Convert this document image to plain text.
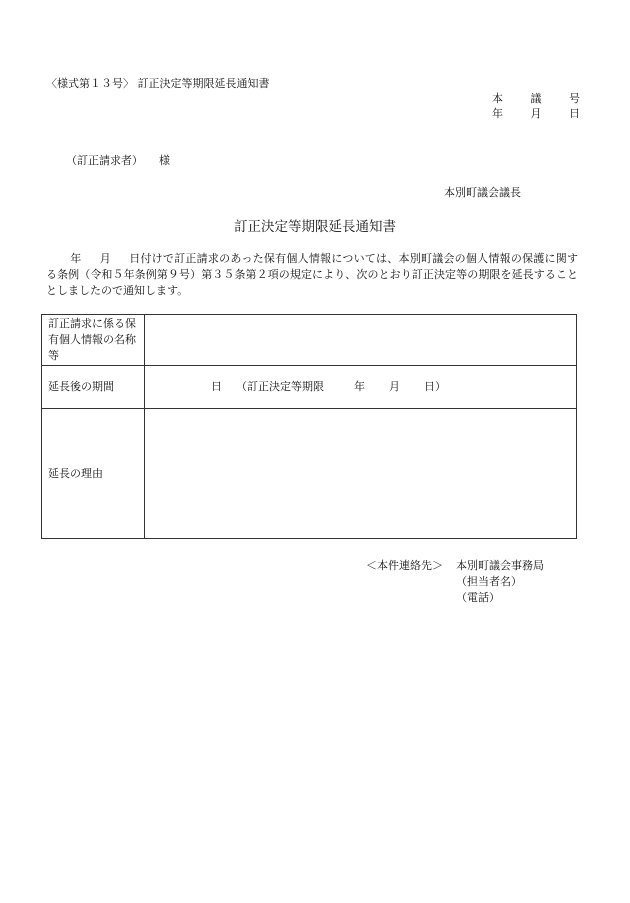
〈様式第１３号〉 訂正決定等期限延長通知書
本	議	号
年	月	日
（訂正請求者） 様
本別町議会議長
訂正決定等期限延長通知書
年 月 日付けで訂正請求のあった保有個人情報については、本別町議会の個人情報の保護に関する条例（令和５年条例第９号）第３５条第２項の規定により、次のとおり訂正決定等の期限を延長することとしましたので通知します。
訂正請求に係る保有個人情報の名称等	
延長後の期間	日 （訂正決定等期限 年 月 日）
延長の理由	
＜本件連絡先＞ 本別町議会事務局
（担当者名）
（電話）
